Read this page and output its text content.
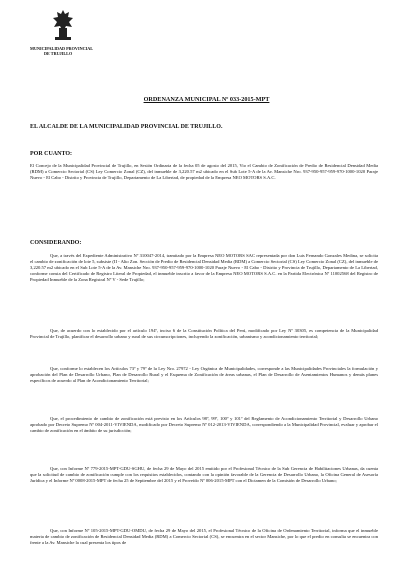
MUNICIPALIDAD PROVINCIAL
DE TRUJILLO
ORDENANZA MUNICIPAL Nº 033-2015-MPT
EL ALCALDE DE LA MUNICIPALIDAD PROVINCIAL DE TRUJILLO.
POR CUANTO:
El Concejo de la Municipalidad Provincial de Trujillo, en Sesión Ordinaria de la fecha 05 de agosto del 2015, Vio el Cambio de Zonificación de Predio de Residencial Densidad Media (RDM) a Comercio Sectorial (CS) Ley Comercio Zonal (CZ), del inmueble de 3,220.57 m2 ubicado en el Sub Lote 5-A de la Av. Mansiche Nro. 937-950-957-959-970-1000-1020 Paraje Nuevo - El Cabo - Distrito y Provincia de Trujillo, Departamento de La Libertad, de propiedad de la Empresa NEO MOTORS S.A.C.
CONSIDERANDO:
Que, a través del Expediente Administrativo Nº 310047-2014, tramitado por la Empresa NEO MOTORS SAC representada por don Luis Fernando Gonzales Medina, se solicita el cambio de zonificación de lote 5, subsiste (II - Alto Zon. Sección de Predio de Residencial Densidad Media (RDM) a Comercio Sectorial (CS) Ley Comercio Zonal (CZ), del inmueble de 3,220.57 m2 ubicado en el Sub Lote 5-A de la Av. Mansiche Nro. 937-950-957-959-970-1000-1020 Paraje Nuevo - El Cabo - Distrito y Provincia de Trujillo, Departamento de La Libertad, conforme consta del Certificado de Registro Literal de Propiedad, el inmueble inscrito a favor de la Empresa NEO MOTORS S.A.C. en la Partida Electrónica Nº 11002568 del Registro de Propiedad Inmueble de la Zona Registral Nº V - Sede Trujillo;
Que, de acuerdo con lo establecido por el artículo 194º, inciso 6 de la Constitución Política del Perú, modificado por Ley Nº 30305, es competencia de la Municipalidad Provincial de Trujillo, planificar el desarrollo urbano y rural de sus circunscripciones, incluyendo la zonificación, urbanismo y acondicionamiento territorial;
Que, conforme lo establecen los Artículos 73º y 79º de la Ley Nro. 27972 - Ley Orgánica de Municipalidades, corresponde a las Municipalidades Provinciales la formulación y aprobación del Plan de Desarrollo Urbano, Plan de Desarrollo Rural y el Esquema de Zonificación de áreas urbanas, el Plan de Desarrollo de Asentamientos Humanos y demás planes específicos de acuerdo al Plan de Acondicionamiento Territorial;
Que, el procedimiento de cambio de zonificación está previsto en los Artículos 98º, 99º, 100º y 101º del Reglamento de Acondicionamiento Territorial y Desarrollo Urbano aprobado por Decreto Supremo Nº 004-2011-VIVIENDA, modificado por Decreto Supremo Nº 012-2013-VIVIENDA, correspondiendo a la Municipalidad Provincial, evaluar y aprobar el cambio de zonificación en el ámbito de su jurisdicción;
Que, con Informe Nº 779-2015-MPT-GDU-SGHU, de fecha 29 de Mayo del 2015 emitido por el Profesional Técnico de la Sub Gerencia de Habilitaciones Urbanas, da cuenta que la solicitud de cambio de zonificación cumple con los requisitos establecidos, contando con la opinión favorable de la Gerencia de Desarrollo Urbano, la Oficina General de Asesoría Jurídica y el Informe Nº 0008-2015-MPT de fecha 25 de Septiembre del 2015 y el Proveído Nº 006-2015-MPT con el Dictamen de la Comisión de Desarrollo Urbano;
Que, con Informe Nº 105-2015-MPT-GDU-OMDU, de fecha 29 de Mayo del 2015, el Profesional Técnico de la Oficina de Ordenamiento Territorial, informa que el inmueble materia de cambio de zonificación de Residencial Densidad Media (RDM) a Comercio Sectorial (CS), se encuentra en el sector Mansiche, por lo que el predio en consulta se encuentra con frente a la Av. Mansiche la cual presenta los tipos de
